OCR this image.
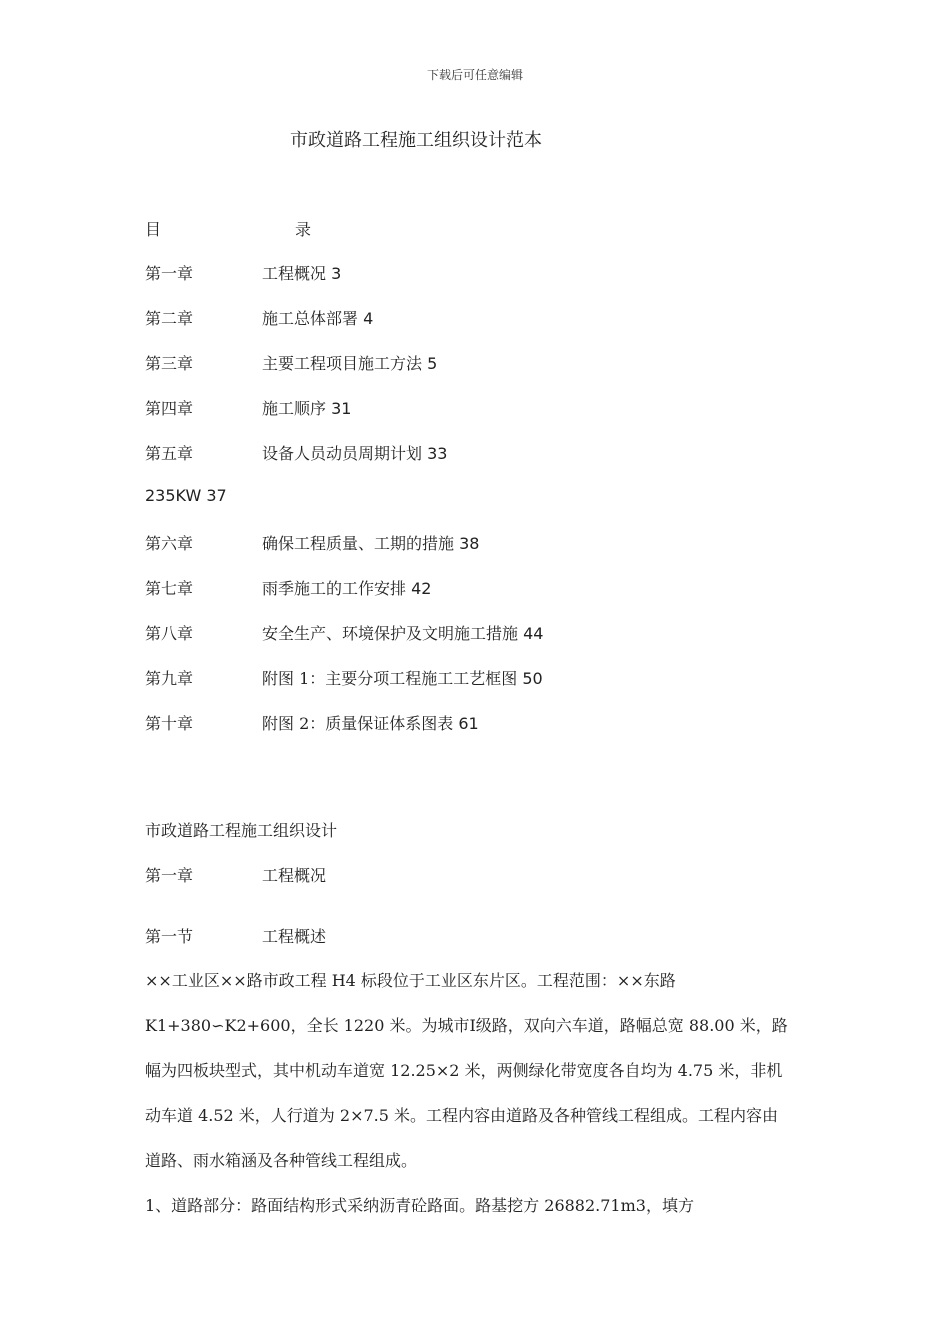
下载后可任意编辑
市政道路工程施工组织设计范本
目	录
第一章	工程概况 3
第二章	施工总体部署 4
第三章	主要工程项目施工方法 5
第四章	施工顺序 31
第五章	设备人员动员周期计划 33
235KW 37
第六章	确保工程质量、工期的措施 38
第七章	雨季施工的工作安排 42
第八章	安全生产、环境保护及文明施工措施 44
第九章	附图 1：主要分项工程施工工艺框图 50
第十章	附图 2：质量保证体系图表 61
市政道路工程施工组织设计
第一章	工程概况
第一节	工程概述
××工业区××路市政工程 H4 标段位于工业区东片区。工程范围：××东路
K1+380∽K2+600，全长 1220 米。为城市Ⅰ级路，双向六车道，路幅总宽 88.00 米，路
幅为四板块型式，其中机动车道宽 12.25×2 米，两侧绿化带宽度各自均为 4.75 米，非机
动车道 4.52 米，人行道为 2×7.5 米。工程内容由道路及各种管线工程组成。工程内容由
道路、雨水箱涵及各种管线工程组成。
1、道路部分：路面结构形式采纳沥青砼路面。路基挖方 26882.71m3，填方
